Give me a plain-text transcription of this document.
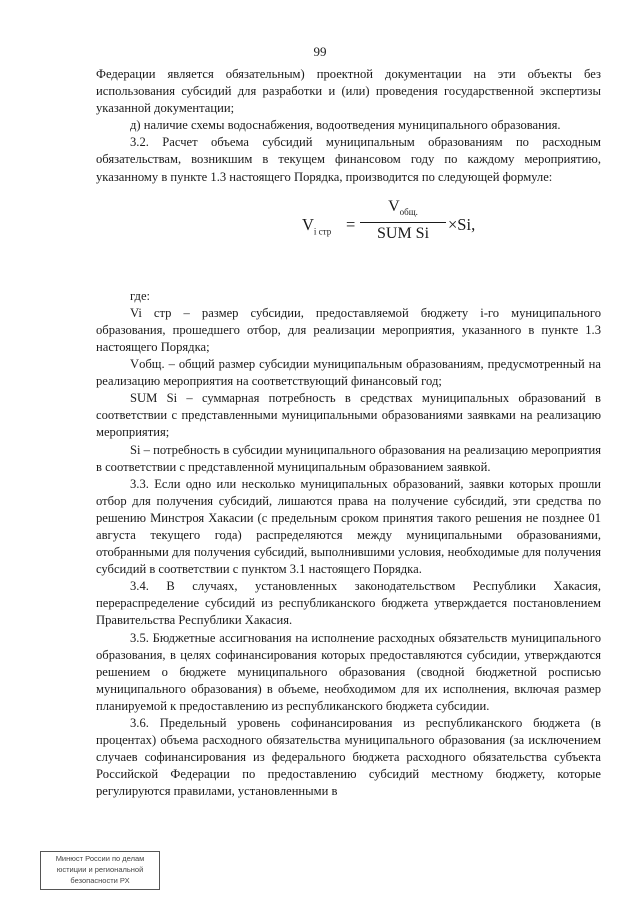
99

Федерации является обязательным) проектной документации на эти объекты без использования субсидий для разработки и (или) проведения государственной экспертизы указанной документации;

д) наличие схемы водоснабжения, водоотведения муниципального образования.

3.2. Расчет объема субсидий муниципальным образованиям по расходным обязательствам, возникшим в текущем финансовом году по каждому мероприятию, указанному в пункте 1.3 настоящего Порядка, производится по следующей формуле:

$V_{i стр}$ =
$V_{общ.}$
SUM Si	×Si,

где:

Vi стр – размер субсидии, предоставляемой бюджету i-го муниципального образования, прошедшего отбор, для реализации мероприятия, указанного в пункте 1.3 настоящего Порядка;

Vобщ. – общий размер субсидии муниципальным образованиям, предусмотренный на реализацию мероприятия на соответствующий финансовый год;

SUM Si – суммарная потребность в средствах муниципальных образований в соответствии с представленными муниципальными образованиями заявками на реализацию мероприятия;

Si – потребность в субсидии муниципального образования на реализацию мероприятия в соответствии с представленной муниципальным образованием заявкой.

3.3. Если одно или несколько муниципальных образований, заявки которых прошли отбор для получения субсидий, лишаются права на получение субсидий, эти средства по решению Минстроя Хакасии (с предельным сроком принятия такого решения не позднее 01 августа текущего года) распределяются между муниципальными образованиями, отобранными для получения субсидий, выполнившими условия, необходимые для получения субсидий в соответствии с пунктом 3.1 настоящего Порядка.

3.4. В случаях, установленных законодательством Республики Хакасия, перераспределение субсидий из республиканского бюджета утверждается постановлением Правительства Республики Хакасия.

3.5. Бюджетные ассигнования на исполнение расходных обязательств муниципального образования, в целях софинансирования которых предоставляются субсидии, утверждаются решением о бюджете муниципального образования (сводной бюджетной росписью муниципального образования) в объеме, необходимом для их исполнения, включая размер планируемой к предоставлению из республиканского бюджета субсидии.

3.6. Предельный уровень софинансирования из республиканского бюджета (в процентах) объема расходного обязательства муниципального образования (за исключением случаев софинансирования из федерального бюджета расходного обязательства субъекта Российской Федерации по предоставлению субсидий местному бюджету, которые регулируются правилами, установленными в

Минюст России по делам
юстиции и региональной
безопасности РХ
